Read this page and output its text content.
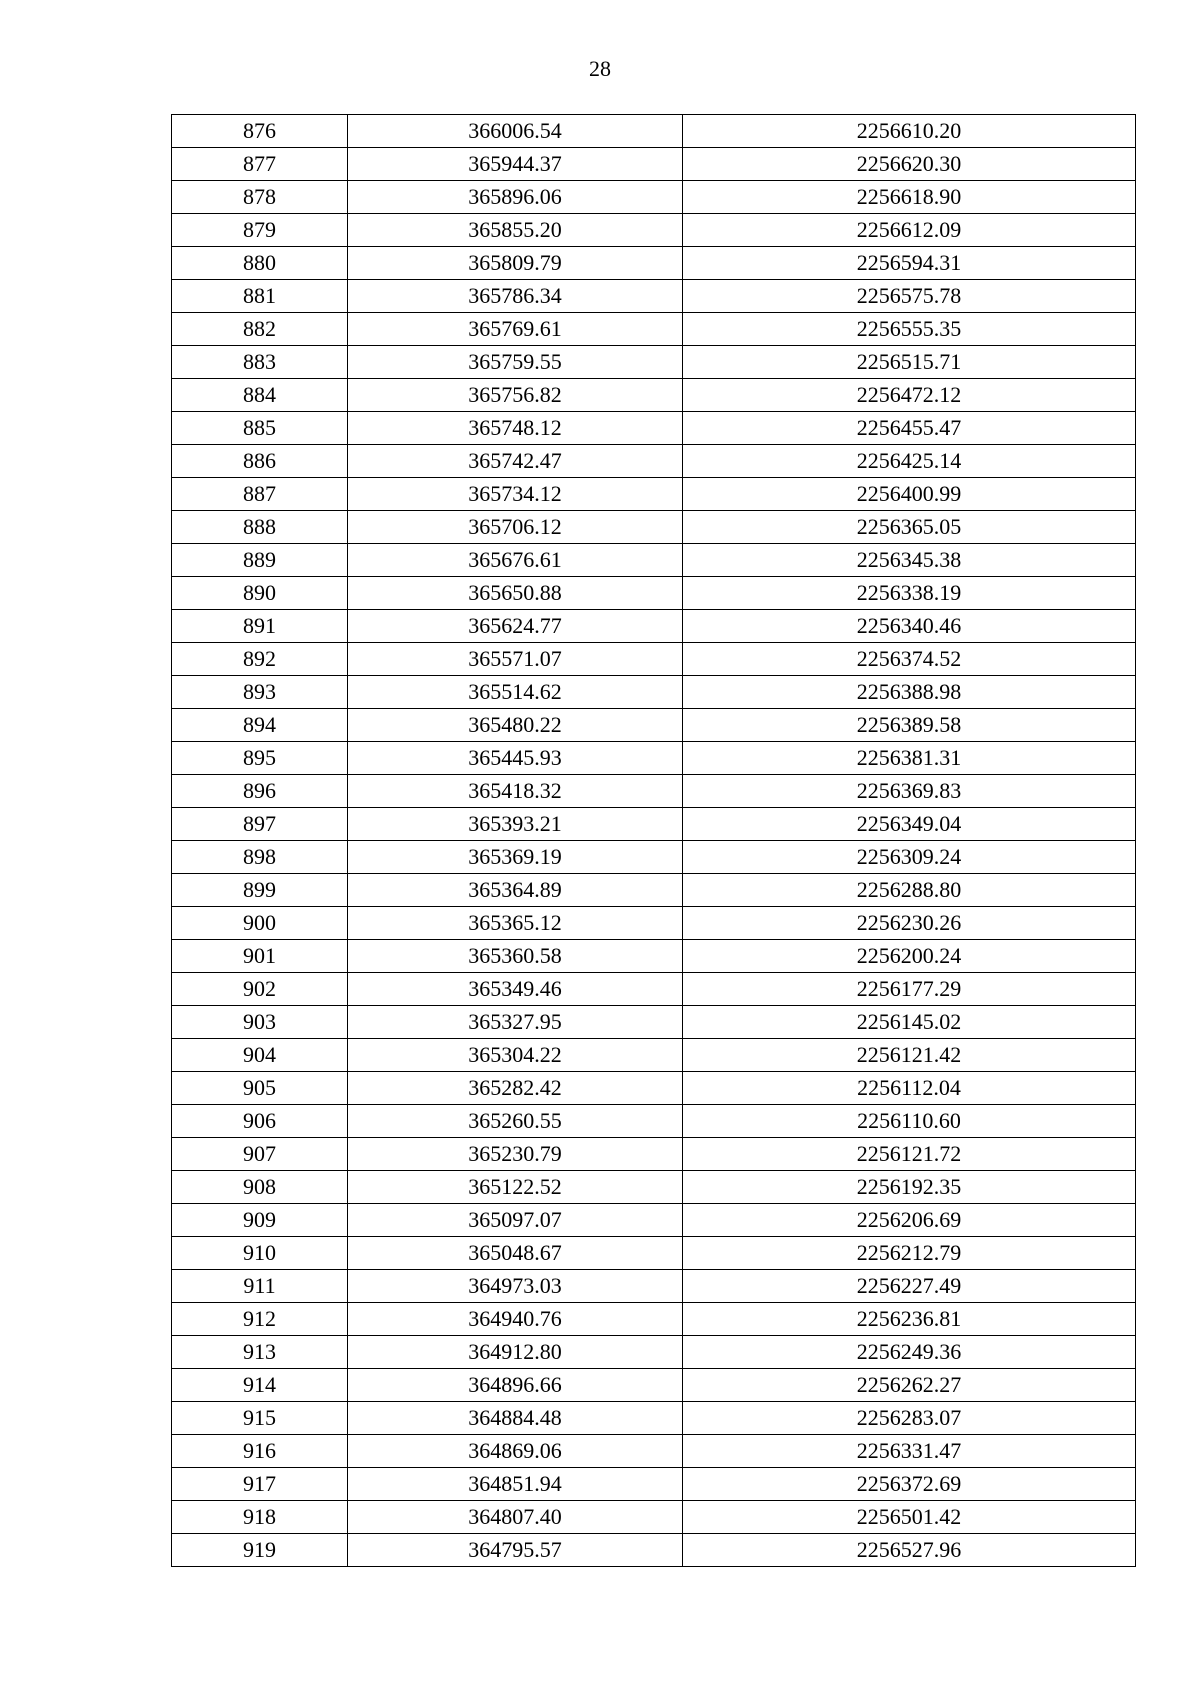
28
876	366006.54	2256610.20
877	365944.37	2256620.30
878	365896.06	2256618.90
879	365855.20	2256612.09
880	365809.79	2256594.31
881	365786.34	2256575.78
882	365769.61	2256555.35
883	365759.55	2256515.71
884	365756.82	2256472.12
885	365748.12	2256455.47
886	365742.47	2256425.14
887	365734.12	2256400.99
888	365706.12	2256365.05
889	365676.61	2256345.38
890	365650.88	2256338.19
891	365624.77	2256340.46
892	365571.07	2256374.52
893	365514.62	2256388.98
894	365480.22	2256389.58
895	365445.93	2256381.31
896	365418.32	2256369.83
897	365393.21	2256349.04
898	365369.19	2256309.24
899	365364.89	2256288.80
900	365365.12	2256230.26
901	365360.58	2256200.24
902	365349.46	2256177.29
903	365327.95	2256145.02
904	365304.22	2256121.42
905	365282.42	2256112.04
906	365260.55	2256110.60
907	365230.79	2256121.72
908	365122.52	2256192.35
909	365097.07	2256206.69
910	365048.67	2256212.79
911	364973.03	2256227.49
912	364940.76	2256236.81
913	364912.80	2256249.36
914	364896.66	2256262.27
915	364884.48	2256283.07
916	364869.06	2256331.47
917	364851.94	2256372.69
918	364807.40	2256501.42
919	364795.57	2256527.96
